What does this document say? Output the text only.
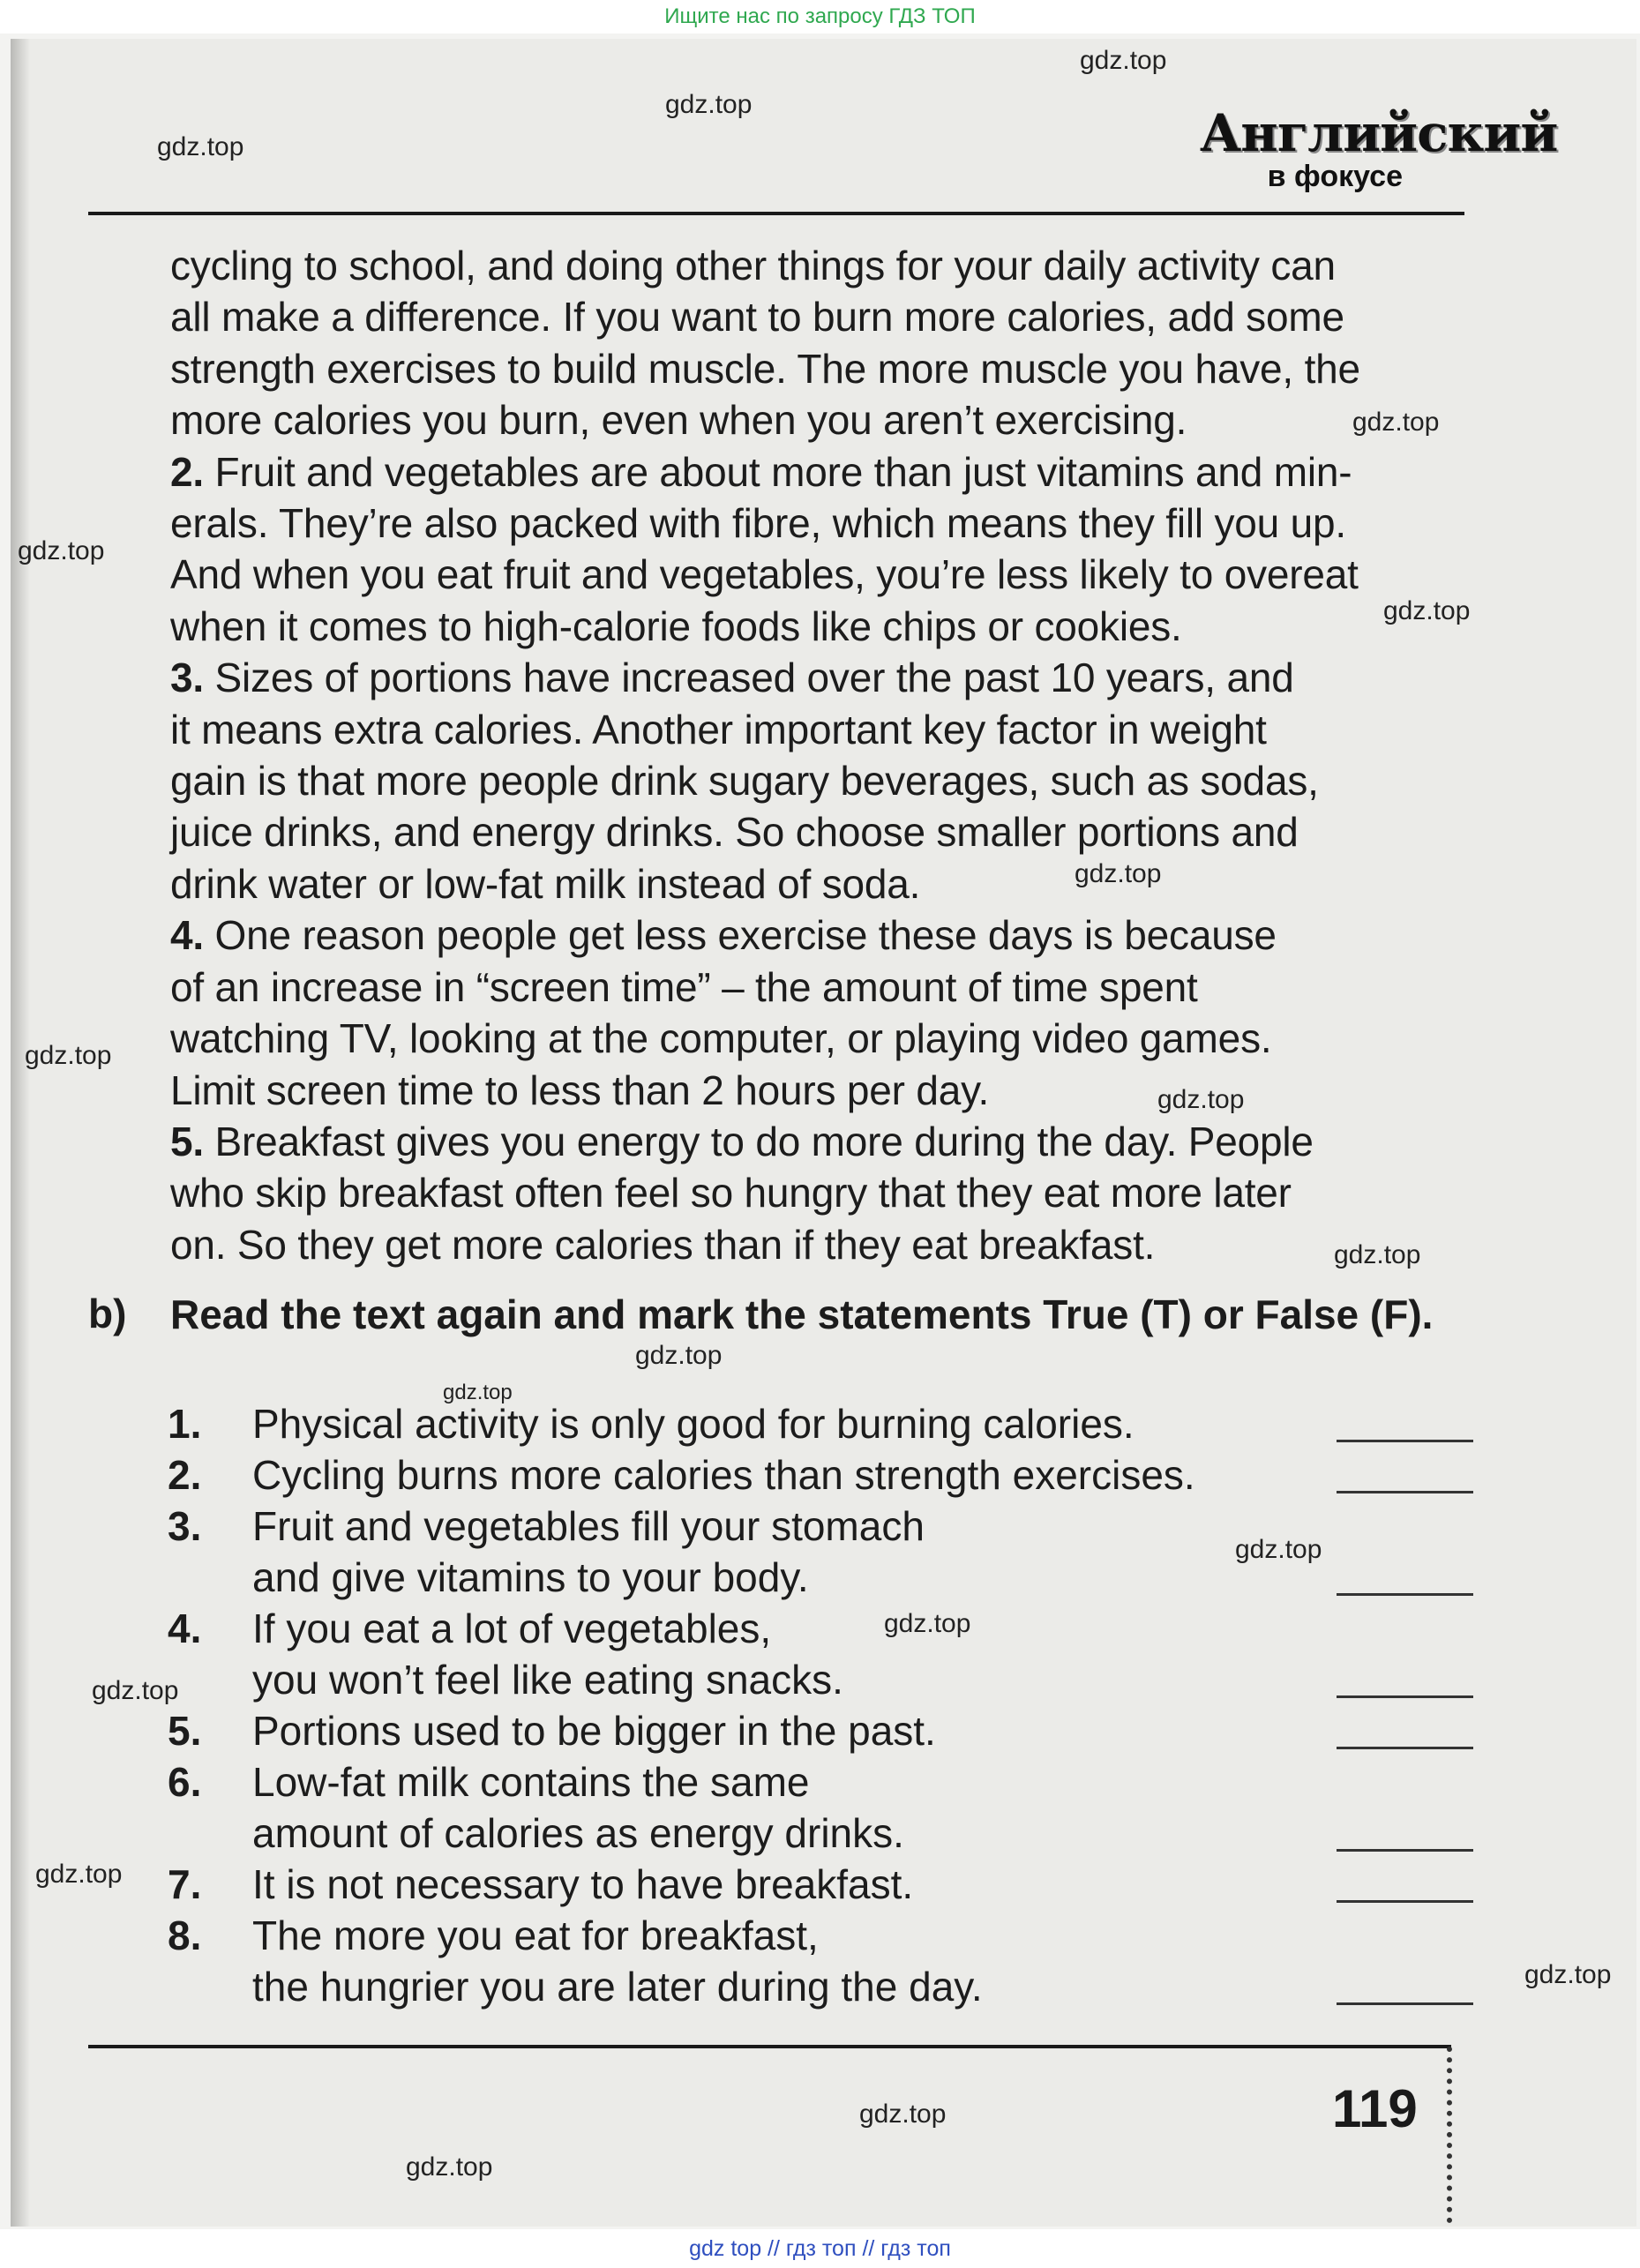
Ищите нас по запросу ГДЗ ТОП
gdz.top
gdz.top
gdz.top
gdz.top
gdz.top
gdz.top
gdz.top
gdz.top
gdz.top
gdz.top
gdz.top
gdz.top
gdz.top
gdz.top
gdz.top
gdz.top
gdz.top
gdz.top
gdz.top
Английский
в фокусе
cycling to school, and doing other things for your daily activity can
all make a difference. If you want to burn more calories, add some
strength exercises to build muscle. The more muscle you have, the
more calories you burn, even when you aren’t exercising.
2. Fruit and vegetables are about more than just vitamins and min-
erals. They’re also packed with fibre, which means they fill you up.
And when you eat fruit and vegetables, you’re less likely to overeat
when it comes to high-calorie foods like chips or cookies.
3. Sizes of portions have increased over the past 10 years, and
it means extra calories. Another important key factor in weight
gain is that more people drink sugary beverages, such as sodas,
juice drinks, and energy drinks. So choose smaller portions and
drink water or low-fat milk instead of soda.
4. One reason people get less exercise these days is because
of an increase in “screen time” – the amount of time spent
watching TV, looking at the computer, or playing video games.
Limit screen time to less than 2 hours per day.
5. Breakfast gives you energy to do more during the day. People
who skip breakfast often feel so hungry that they eat more later
on. So they get more calories than if they eat breakfast.
b) Read the text again and mark the statements True (T) or False (F).
1.	Physical activity is only good for burning calories.
2.	Cycling burns more calories than strength exercises.
3.	Fruit and vegetables fill your stomach
and give vitamins to your body.
4.	If you eat a lot of vegetables,
you won’t feel like eating snacks.
5.	Portions used to be bigger in the past.
6.	Low-fat milk contains the same
amount of calories as energy drinks.
7.	It is not necessary to have breakfast.
8.	The more you eat for breakfast,
the hungrier you are later during the day.
119
gdz top // гдз топ // гдз топ
